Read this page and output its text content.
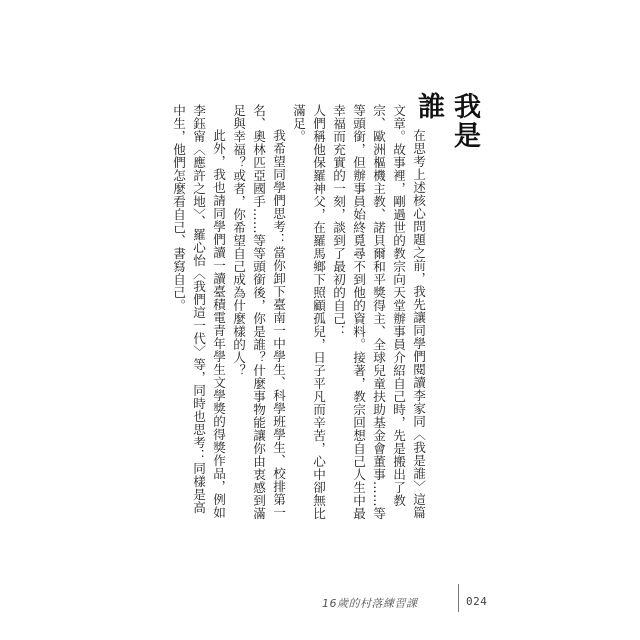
我是誰

在思考上述核心問題之前，我先讓同學們閱讀李家同〈我是誰〉這篇文章。故事裡，剛過世的教宗向天堂辦事員介紹自己時，先是搬出了教宗、歐洲樞機主教、諾貝爾和平獎得主、全球兒童扶助基金會董事……等等頭銜，但辦事員始終覓尋不到他的資料。接著，教宗回想自己人生中最幸福而充實的一刻，談到了最初的自己：

人們稱他保羅神父，在羅馬鄉下照顧孤兒，日子平凡而辛苦，心中卻無比滿足。

我希望同學們思考：當你卸下臺南一中學生、科學班學生、校排第一名、奧林匹亞國手……等等頭銜後，你是誰？什麼事物能讓你由衷感到滿足與幸福？或者，你希望自己成為什麼樣的人？

此外，我也請同學們讀一讀臺積電青年學生文學獎的得獎作品，例如李鈺甯〈應許之地〉、羅心怡〈我們這一代〉等，同時也思考：同樣是高中生，他們怎麼看自己、書寫自己。

16歲的村落練習課	024
